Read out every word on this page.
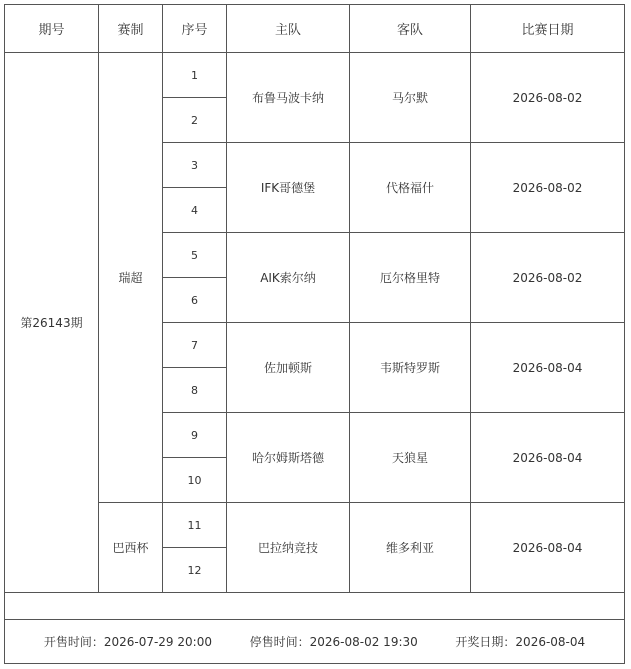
期号	赛制	序号	主队	客队	比赛日期
第26143期	瑞超	1	布鲁马波卡纳	马尔默	2026-08-02
		2			
		3	IFK哥德堡	代格福什	2026-08-02
		4			
		5	AIK索尔纳	厄尔格里特	2026-08-02
		6			
		7	佐加顿斯	韦斯特罗斯	2026-08-04
		8			
		9	哈尔姆斯塔德	天狼星	2026-08-04
		10			
	巴西杯	11	巴拉纳竞技	维多利亚	2026-08-04
		12			

开售时间：2026-07-29 20:00 停售时间：2026-08-02 19:30 开奖日期：2026-08-04					
